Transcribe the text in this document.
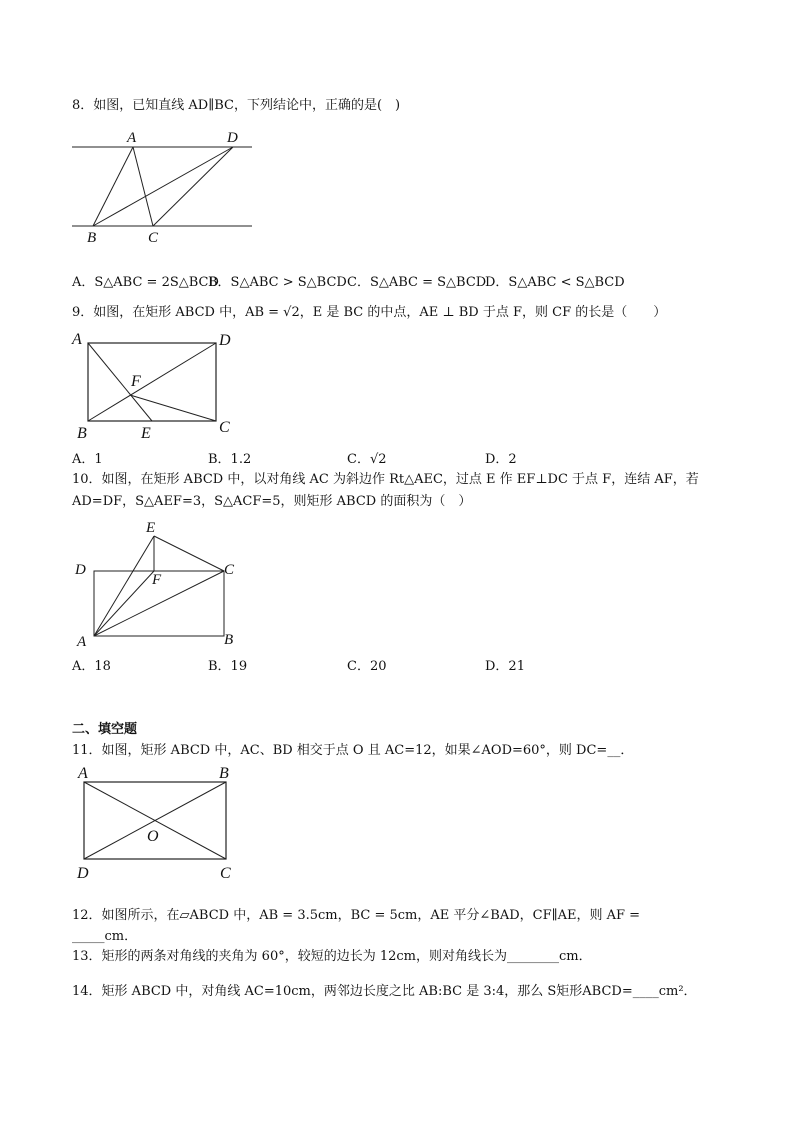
8．如图，已知直线 AD∥BC，下列结论中，正确的是(　)
A	D
B	C
A．S△ABC = 2S△BCD
B．S△ABC > S△BCD C．S△ABC = S△BCD
D．S△ABC < S△BCD
9．如图，在矩形 ABCD 中，AB = √2，E 是 BC 的中点，AE ⊥ BD 于点 F，则 CF 的长是（　　）
A	D
F
B	E	C
A．1	B．1.2	C．√2	D．2
10．如图，在矩形 ABCD 中，以对角线 AC 为斜边作 Rt△AEC，过点 E 作 EF⊥DC 于点 F，连结 AF，若
AD=DF，S△AEF=3，S△ACF=5，则矩形 ABCD 的面积为（　）
E
D
F
C
A	B
A．18	B．19	C．20	D．21
二、填空题
11．如图，矩形 ABCD 中，AC、BD 相交于点 O 且 AC=12，如果∠AOD=60°，则 DC=__．
A	B
O
D	C
12．如图所示，在▱ABCD 中，AB = 3.5cm，BC = 5cm，AE 平分∠BAD，CF∥AE，则 AF =
_____cm．
13．矩形的两条对角线的夹角为 60°，较短的边长为 12cm，则对角线长为________cm．
14．矩形 ABCD 中，对角线 AC=10cm，两邻边长度之比 AB:BC 是 3:4，那么 S矩形ABCD=____cm²．
